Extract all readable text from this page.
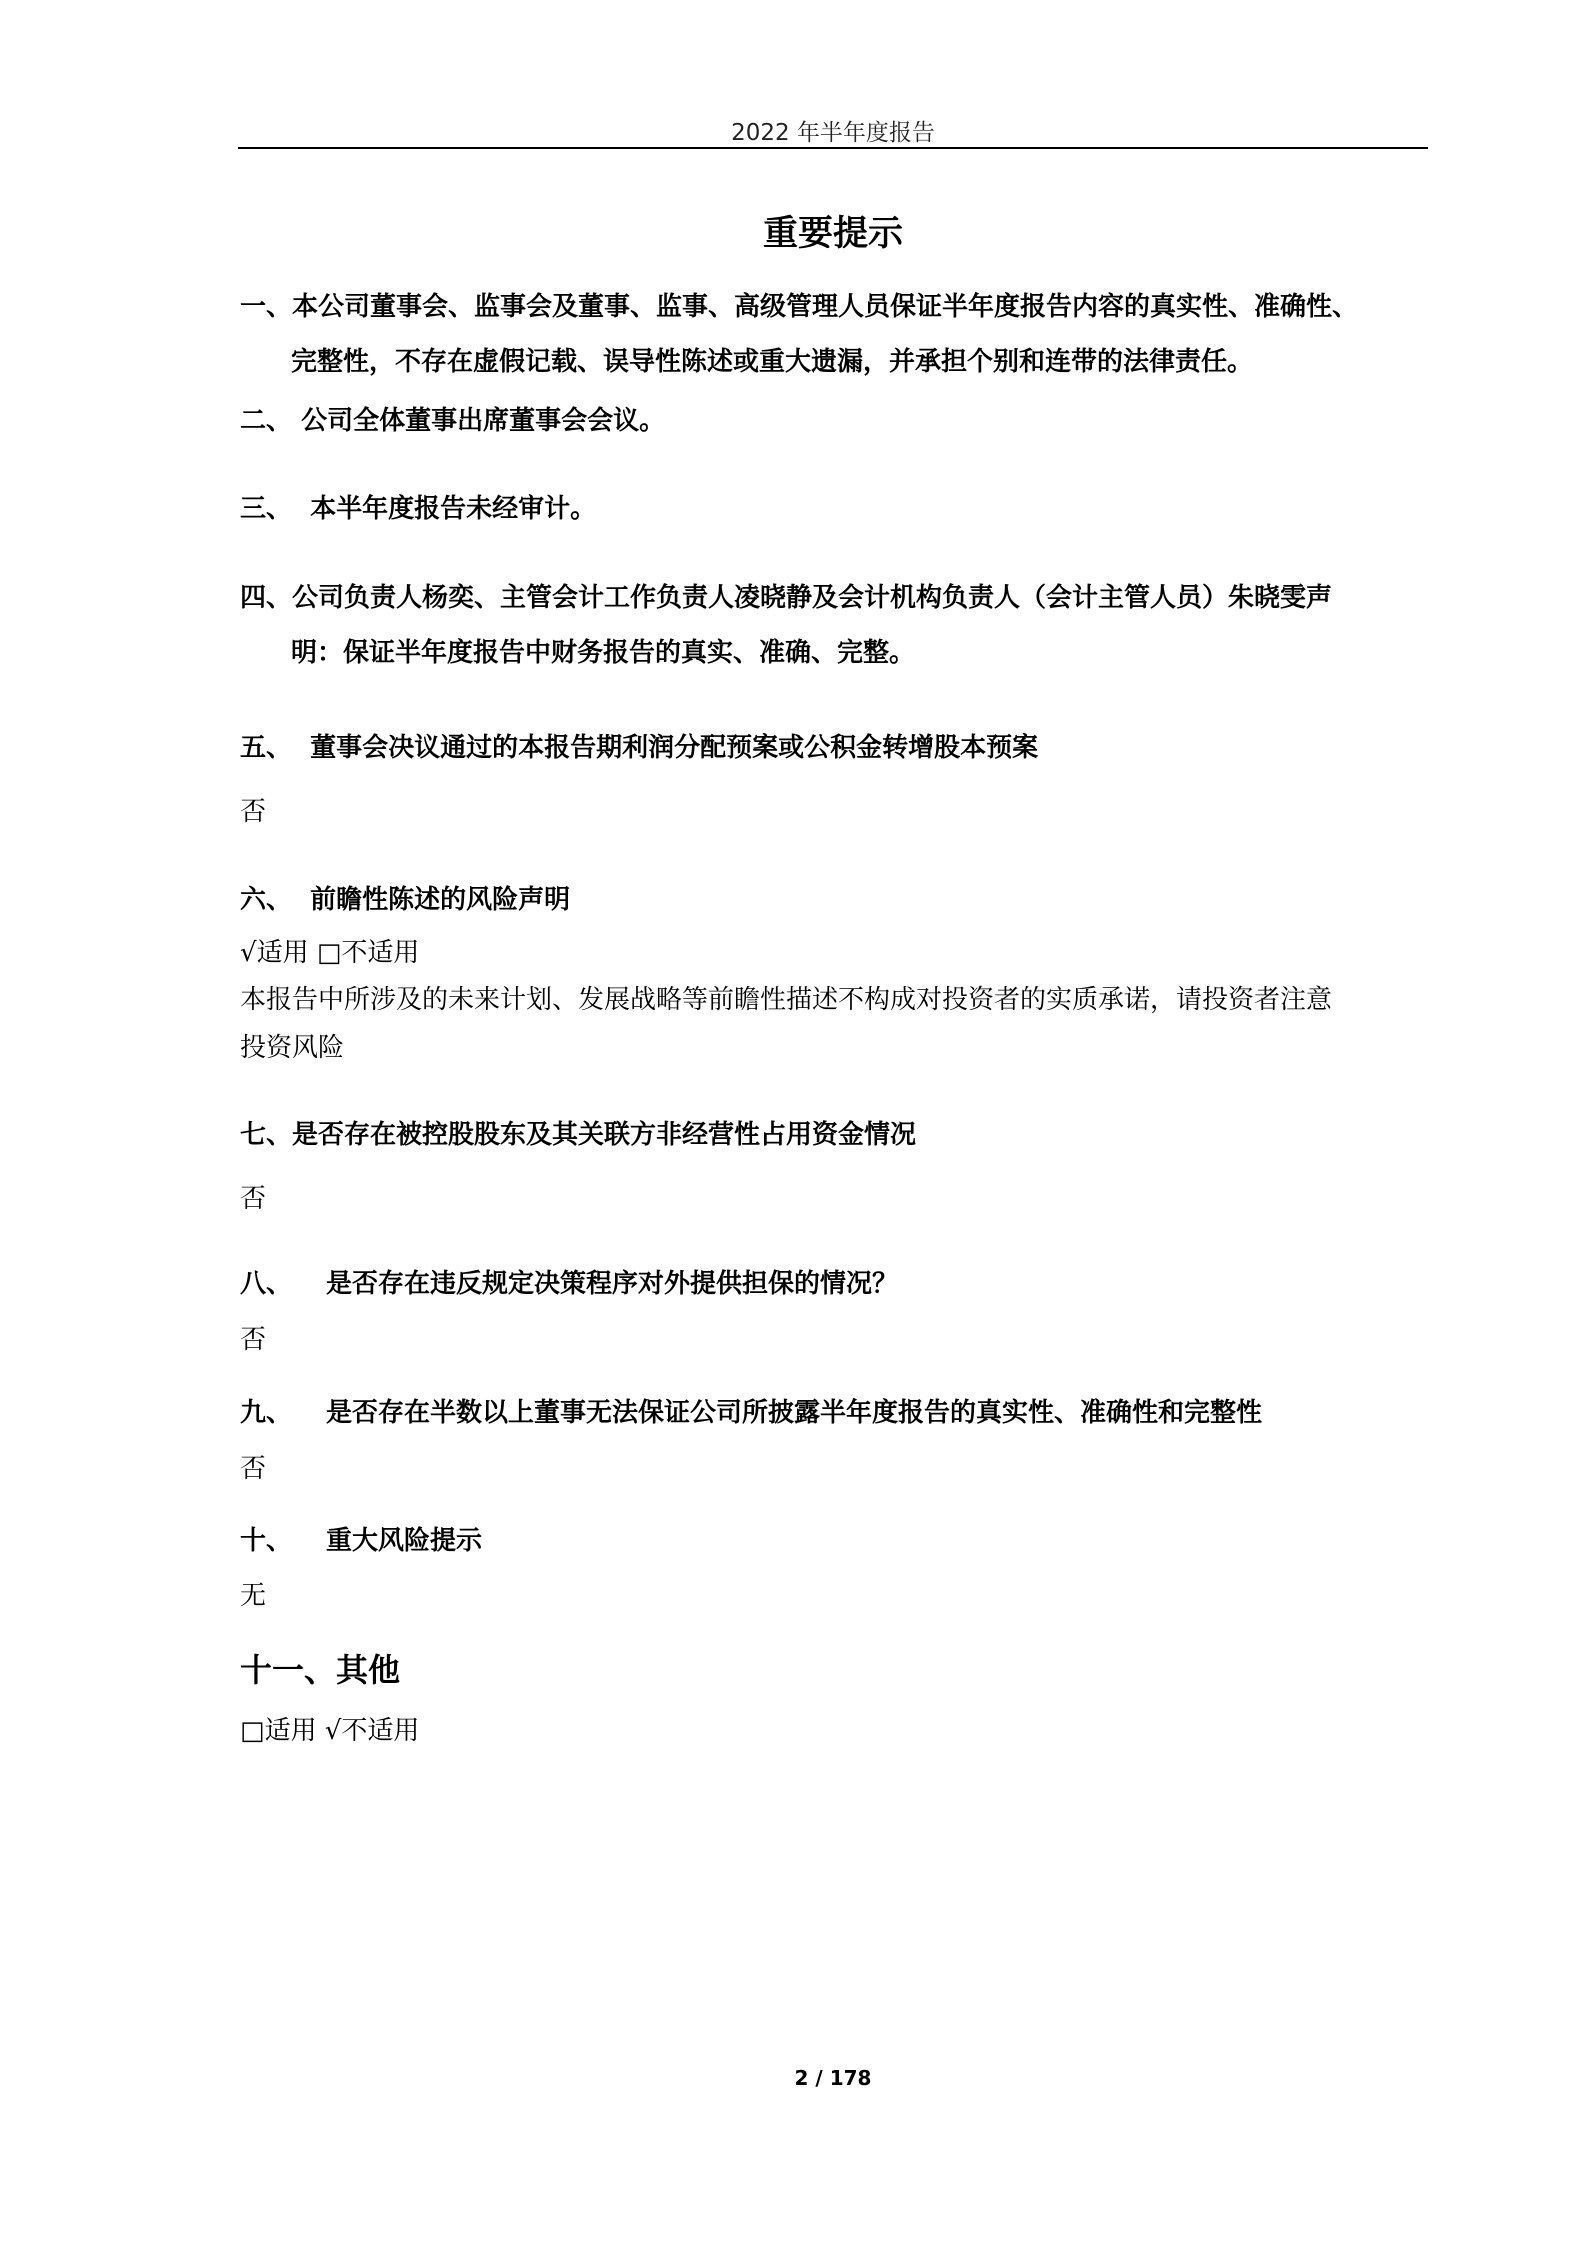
2022 年半年度报告
重要提示
一、本公司董事会、监事会及董事、监事、高级管理人员保证半年度报告内容的真实性、准确性、
完整性，不存在虚假记载、误导性陈述或重大遗漏，并承担个别和连带的法律责任。
二、 公司全体董事出席董事会会议。
三、 本半年度报告未经审计。
四、公司负责人杨奕、主管会计工作负责人凌晓静及会计机构负责人（会计主管人员）朱晓雯声
明：保证半年度报告中财务报告的真实、准确、完整。
五、 董事会决议通过的本报告期利润分配预案或公积金转增股本预案
否
六、 前瞻性陈述的风险声明
√适用 □不适用
本报告中所涉及的未来计划、发展战略等前瞻性描述不构成对投资者的实质承诺，请投资者注意
投资风险
七、是否存在被控股股东及其关联方非经营性占用资金情况
否
八、 是否存在违反规定决策程序对外提供担保的情况？
否
九、 是否存在半数以上董事无法保证公司所披露半年度报告的真实性、准确性和完整性
否
十、 重大风险提示
无
十一、其他
□适用 √不适用
2 / 178
